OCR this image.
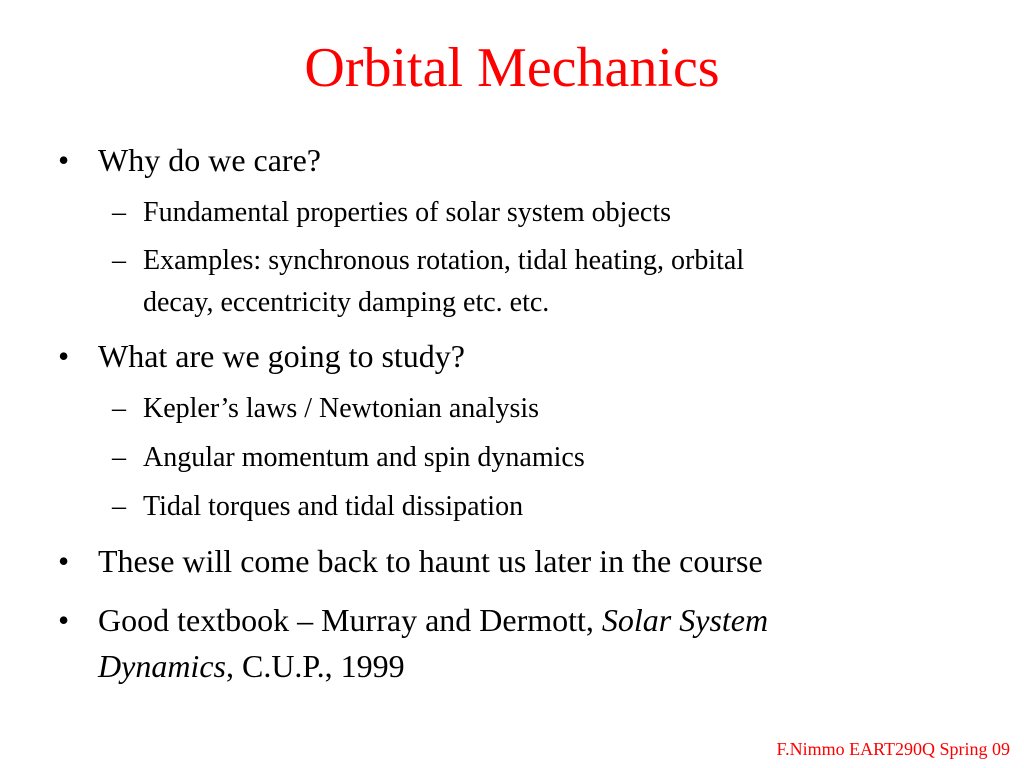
Orbital Mechanics
• Why do we care?
– Fundamental properties of solar system objects
– Examples: synchronous rotation, tidal heating, orbital
decay, eccentricity damping etc. etc.
• What are we going to study?
– Kepler’s laws / Newtonian analysis
– Angular momentum and spin dynamics
– Tidal torques and tidal dissipation
• These will come back to haunt us later in the course
• Good textbook – Murray and Dermott, Solar System
Dynamics, C.U.P., 1999
F.Nimmo EART290Q Spring 09
